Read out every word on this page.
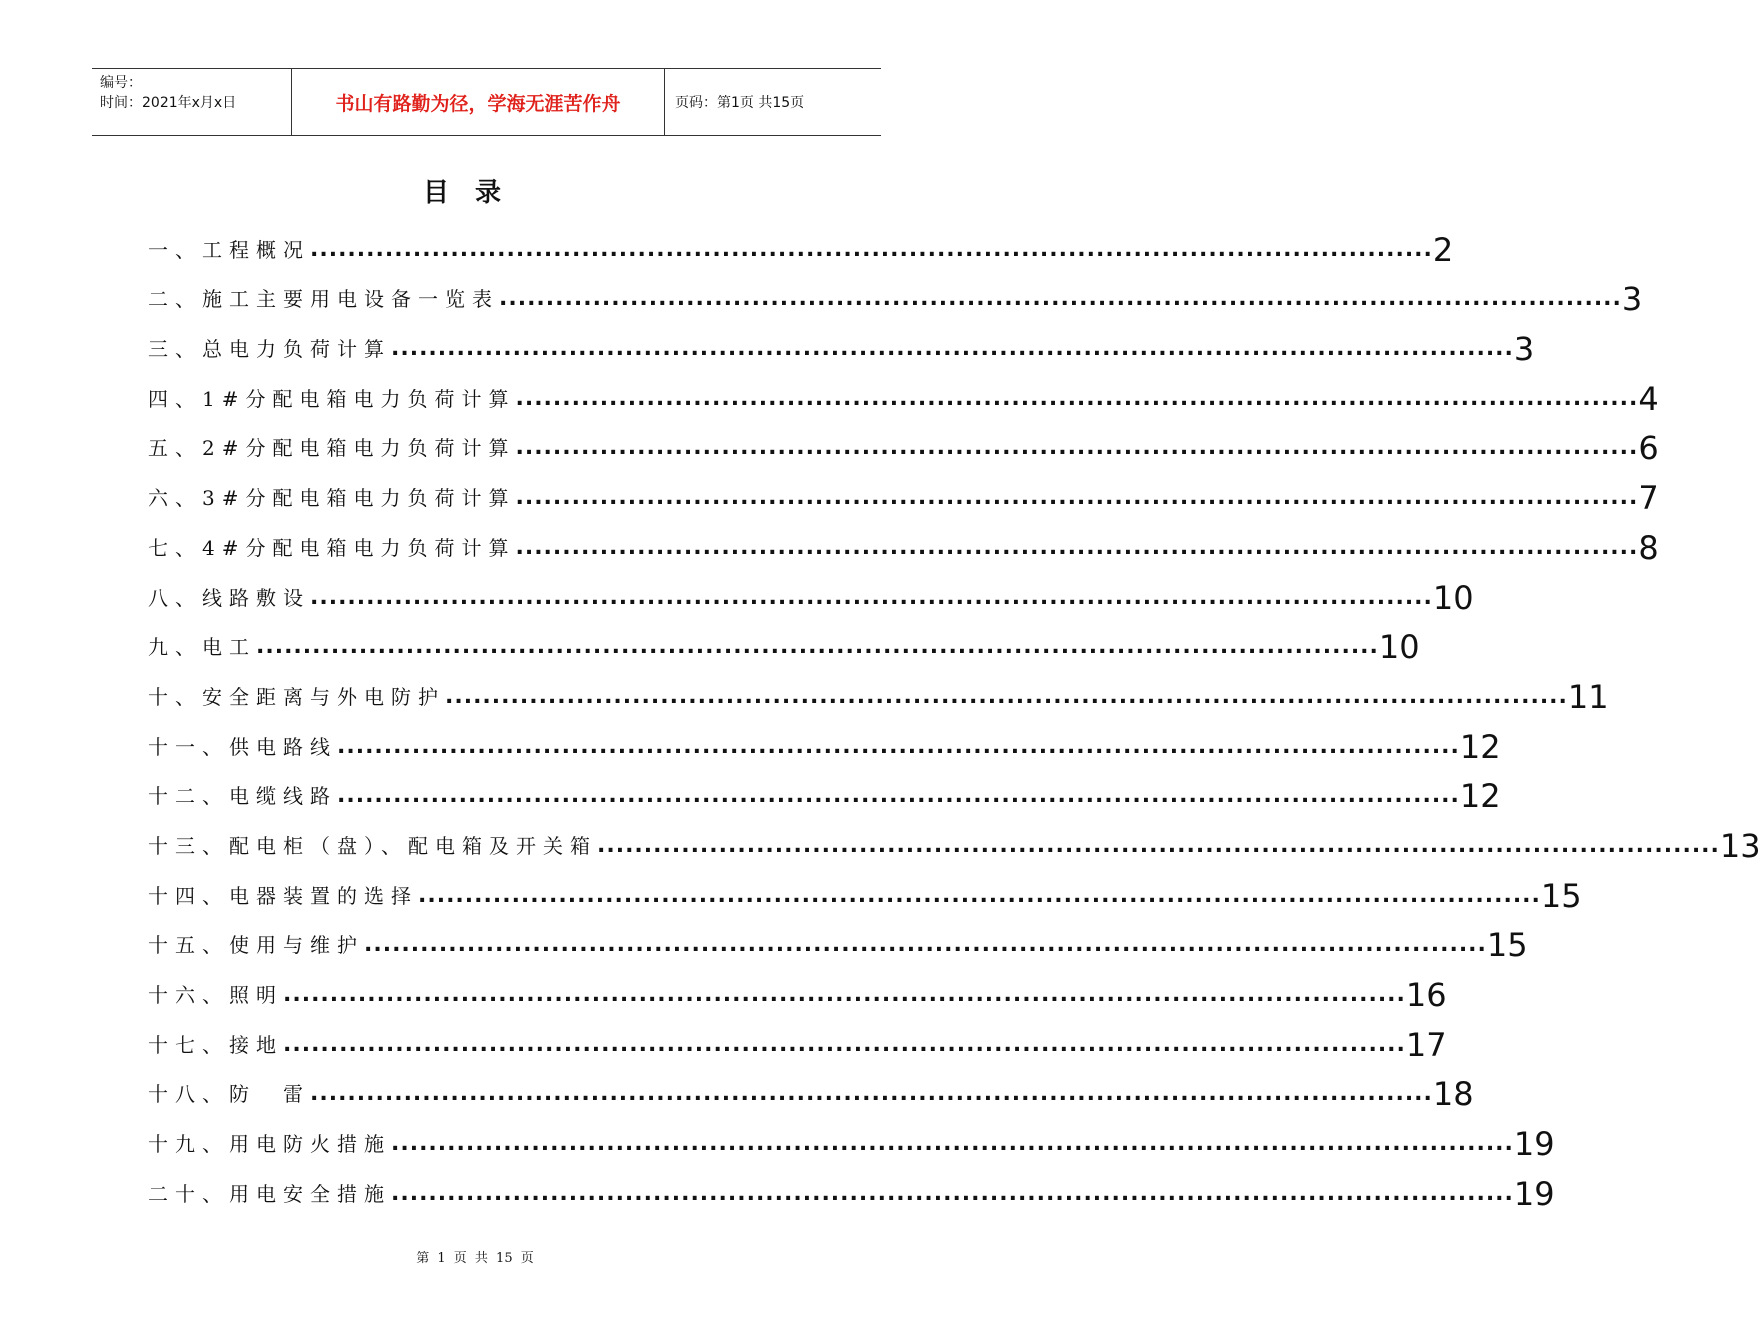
编号：
时间：2021年x月x日	书山有路勤为径，学海无涯苦作舟	页码：第1页 共15页
目录
一、工程概况 ........................................................................................................................ 2
二、施工主要用电设备一览表 ........................................................................................................................ 3
三、总电力负荷计算 ........................................................................................................................ 3
四、1#分配电箱电力负荷计算 ........................................................................................................................ 4
五、2#分配电箱电力负荷计算 ........................................................................................................................ 6
六、3#分配电箱电力负荷计算 ........................................................................................................................ 7
七、4#分配电箱电力负荷计算 ........................................................................................................................ 8
八、线路敷设 ........................................................................................................................ 10
九、电工 ........................................................................................................................ 10
十、安全距离与外电防护 ........................................................................................................................ 11
十一、供电路线 ........................................................................................................................ 12
十二、电缆线路 ........................................................................................................................ 12
十三、配电柜（盘）、配电箱及开关箱 ........................................................................................................................ 13
十四、电器装置的选择 ........................................................................................................................ 15
十五、使用与维护 ........................................................................................................................ 15
十六、照明 ........................................................................................................................ 16
十七、接地 ........................................................................................................................ 17
十八、防　雷 ........................................................................................................................ 18
十九、用电防火措施 ........................................................................................................................ 19
二十、用电安全措施 ........................................................................................................................ 19
第 1 页 共 15 页
